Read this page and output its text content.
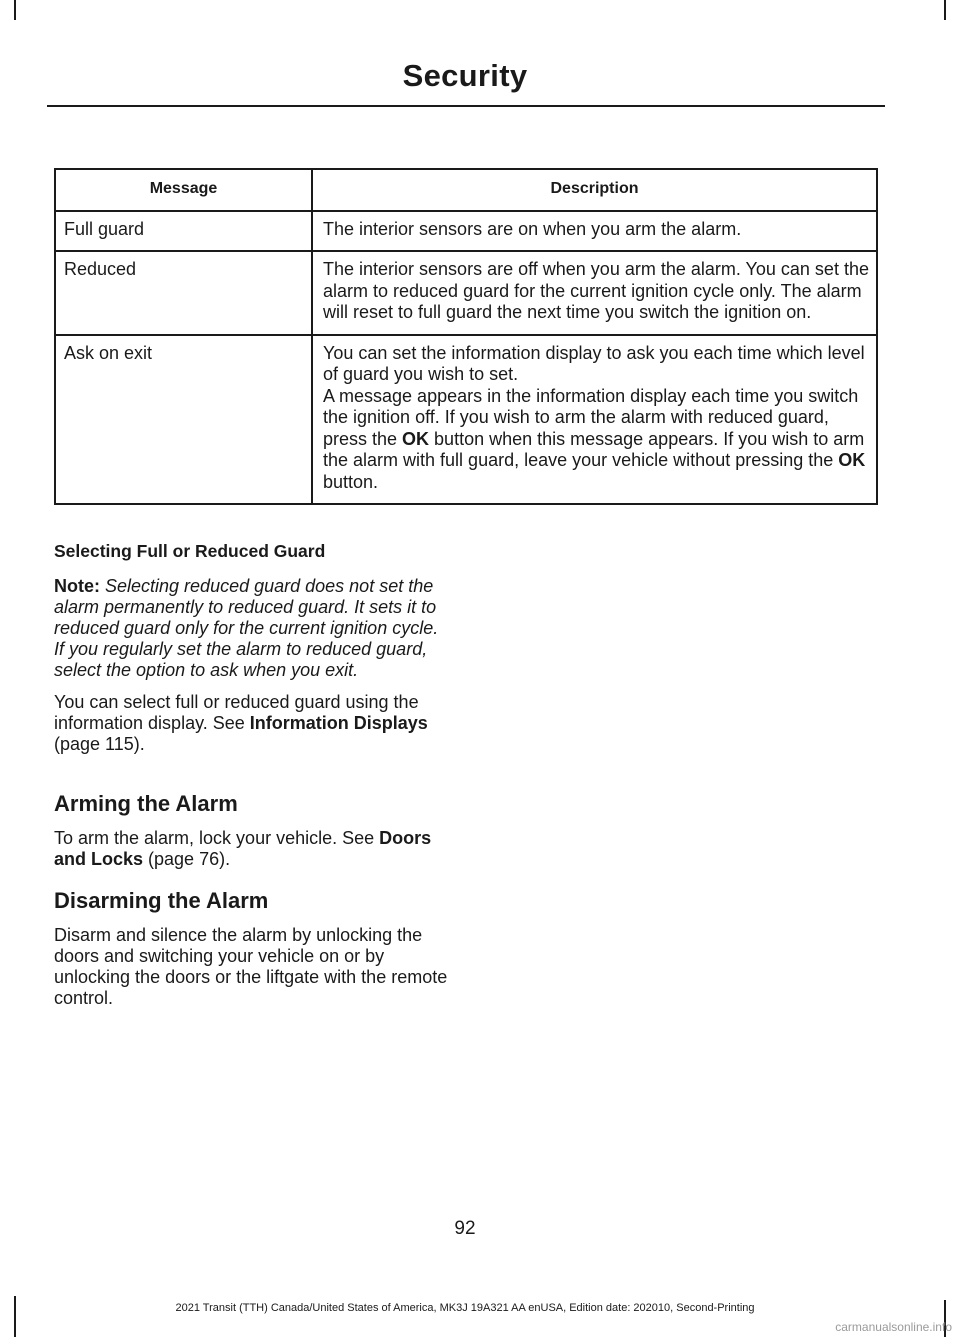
Security
Message	Description
Full guard	The interior sensors are on when you arm the alarm.
Reduced	The interior sensors are off when you arm the alarm. You can set the alarm to reduced guard for the current ignition cycle only. The alarm will reset to full guard the next time you switch the ignition on.
Ask on exit	You can set the information display to ask you each time which level of guard you wish to set.
A message appears in the information display each time you switch the ignition off. If you wish to arm the alarm with reduced guard, press the OK button when this message appears. If you wish to arm the alarm with full guard, leave your vehicle without pressing the OK button.

Selecting Full or Reduced Guard

Note: Selecting reduced guard does not set the alarm permanently to reduced guard. It sets it to reduced guard only for the current ignition cycle. If you regularly set the alarm to reduced guard, select the option to ask when you exit.

You can select full or reduced guard using the information display. See Information Displays (page 115).

Arming the Alarm

To arm the alarm, lock your vehicle. See Doors and Locks (page 76).

Disarming the Alarm

Disarm and silence the alarm by unlocking the doors and switching your vehicle on or by unlocking the doors or the liftgate with the remote control.

92
2021 Transit (TTH) Canada/United States of America, MK3J 19A321 AA enUSA, Edition date: 202010, Second-Printing
carmanualsonline.info
